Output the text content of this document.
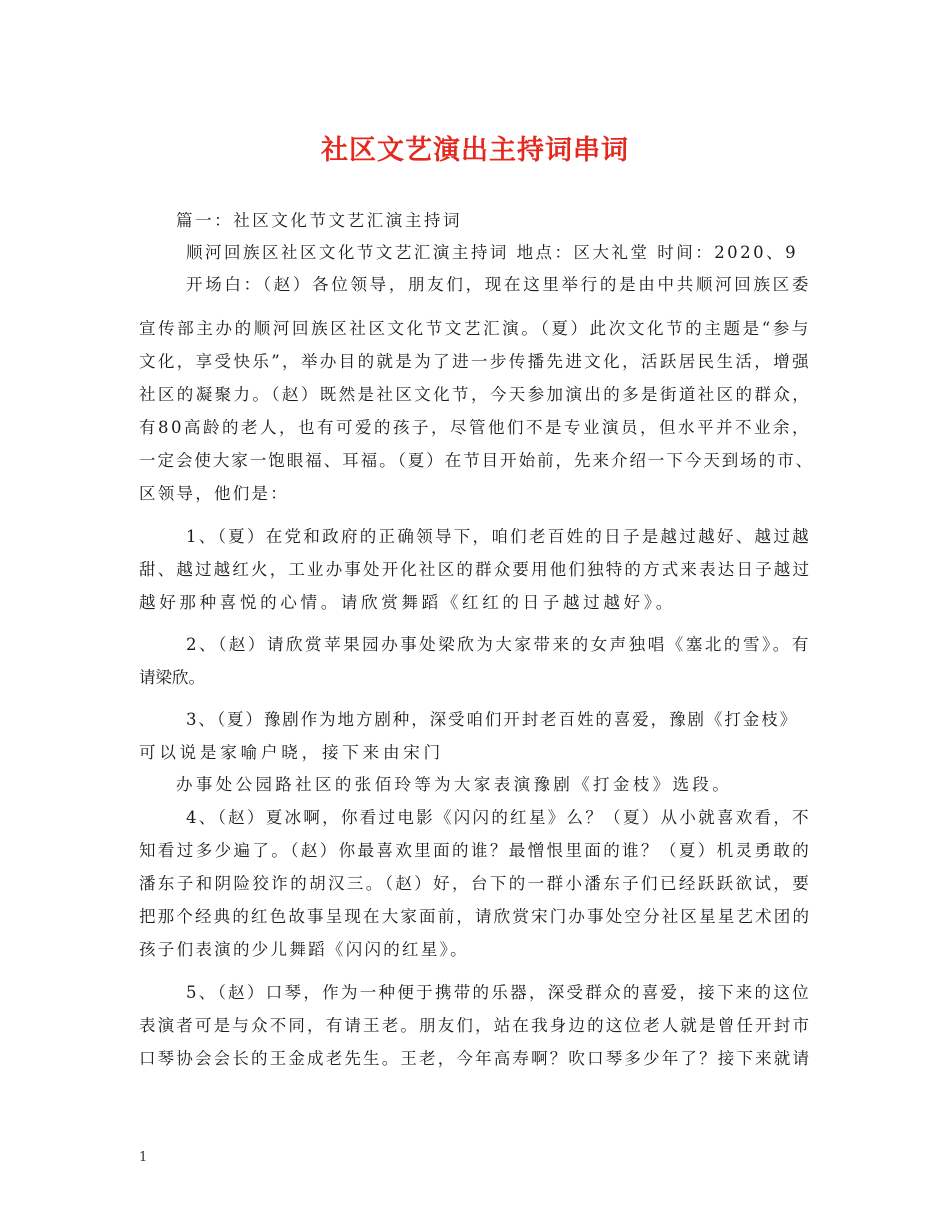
社区文艺演出主持词串词
篇一：社区文化节文艺汇演主持词
顺河回族区社区文化节文艺汇演主持词 地点：区大礼堂 时间：2020、9
开场白：（赵）各位领导，朋友们，现在这里举行的是由中共顺河回族区委
宣传部主办的顺河回族区社区文化节文艺汇演。（夏）此次文化节的主题是“参与
文化，享受快乐”，举办目的就是为了进一步传播先进文化，活跃居民生活，增强
社区的凝聚力。（赵）既然是社区文化节，今天参加演出的多是街道社区的群众，
有80高龄的老人，也有可爱的孩子，尽管他们不是专业演员，但水平并不业余，
一定会使大家一饱眼福、耳福。（夏）在节目开始前，先来介绍一下今天到场的市、
区领导，他们是：
1、（夏）在党和政府的正确领导下，咱们老百姓的日子是越过越好、越过越
甜、越过越红火，工业办事处开化社区的群众要用他们独特的方式来表达日子越过
越好那种喜悦的心情。请欣赏舞蹈《红红的日子越过越好》。
2、（赵）请欣赏苹果园办事处梁欣为大家带来的女声独唱《塞北的雪》。有
请梁欣。
3、（夏）豫剧作为地方剧种，深受咱们开封老百姓的喜爱，豫剧《打金枝》
可以说是家喻户晓，接下来由宋门
办事处公园路社区的张佰玲等为大家表演豫剧《打金枝》选段。
4、（赵）夏冰啊，你看过电影《闪闪的红星》么？（夏）从小就喜欢看，不
知看过多少遍了。（赵）你最喜欢里面的谁？最憎恨里面的谁？（夏）机灵勇敢的
潘东子和阴险狡诈的胡汉三。（赵）好，台下的一群小潘东子们已经跃跃欲试，要
把那个经典的红色故事呈现在大家面前，请欣赏宋门办事处空分社区星星艺术团的
孩子们表演的少儿舞蹈《闪闪的红星》。
5、（赵）口琴，作为一种便于携带的乐器，深受群众的喜爱，接下来的这位
表演者可是与众不同，有请王老。朋友们，站在我身边的这位老人就是曾任开封市
口琴协会会长的王金成老先生。王老，今年高寿啊？吹口琴多少年了？接下来就请
1
